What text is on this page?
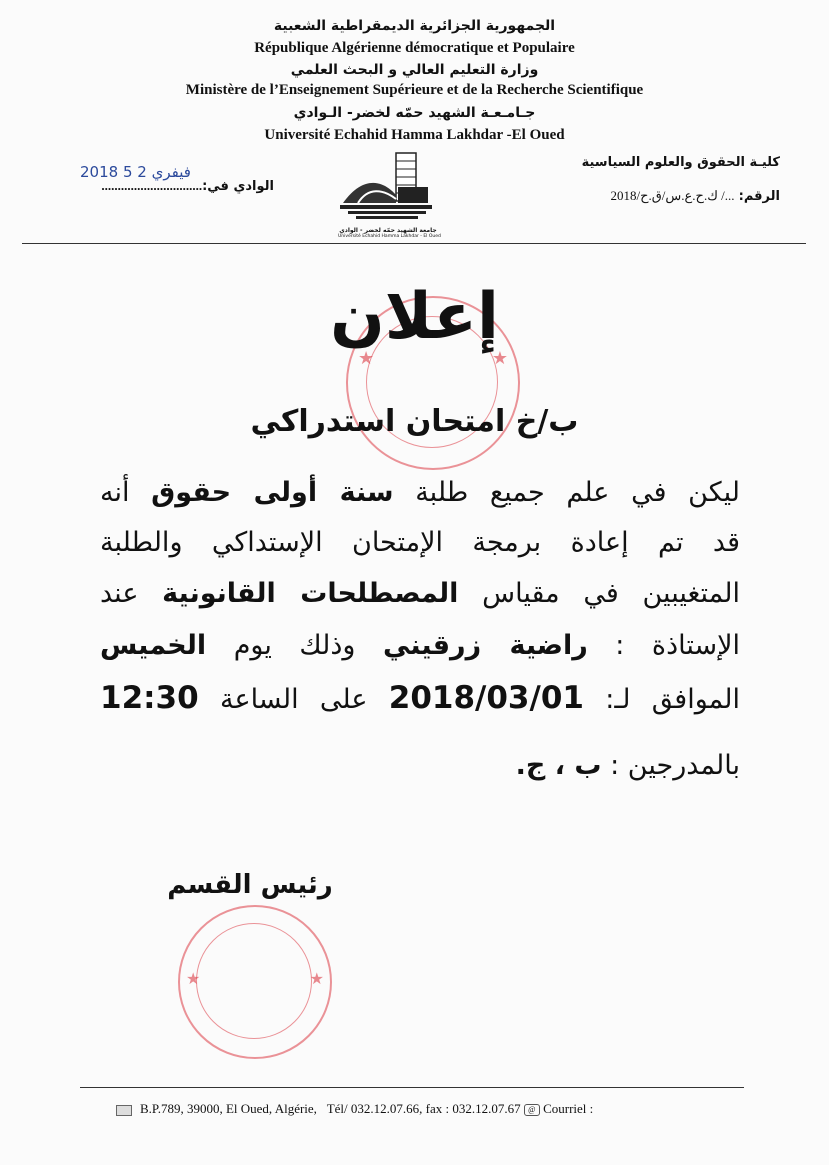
الجمهورية الجزائرية الديمقراطية الشعبية
République Algérienne démocratique et Populaire
وزارة التعليم العالي و البحث العلمي
Ministère de l’Enseignement Supérieure et de la Recherche Scientifique
جـامـعـة الشهيد حمّه لخضر- الـوادي
Université Echahid Hamma Lakhdar -El Oued
2018 فيفري 2 5
الوادي في:...............................
جامعة الشهيد حمّه لخضر - الوادي
Université Echahid Hamma Lakhdar - El Oued
كليـة الحقوق والعلوم السياسية
الرقم: .../ ك.ح.ع.س/ق.ح/2018
★	★
إعلان
ب/خ امتحان استدراكي
ليكن في علم جميع طلبة سنة أولى حقوق أنه
قد تم إعادة برمجة الإمتحان الإستداكي والطلبة
المتغيبين في مقياس المصطلحات القانونية عند
الإستاذة : راضية زرقيني وذلك يوم الخميس
الموافق لـ: 2018/03/01 على الساعة 12:30
بالمدرجين : ب ، ج.
رئيس القسم
★	★
B.P.789, 39000, El Oued, Algérie, Tél/ 032.12.07.66, fax : 032.12.07.67 @ Courriel :
